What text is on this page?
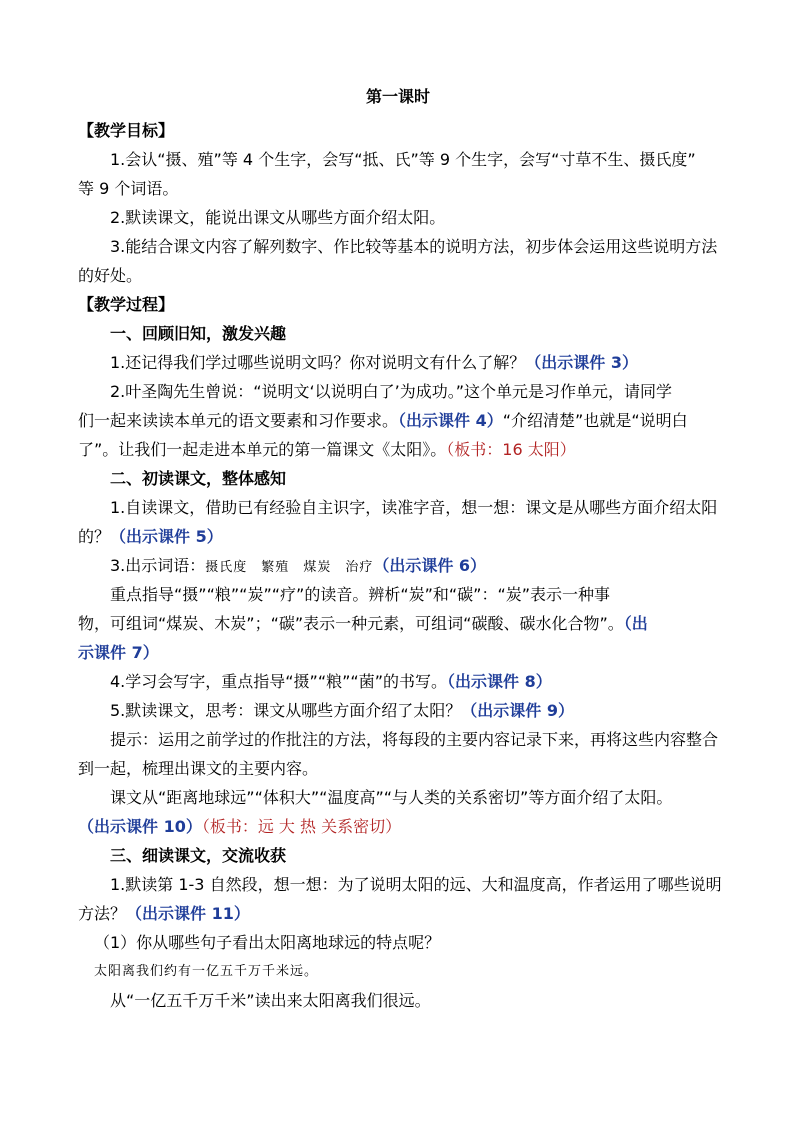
第一课时
【教学目标】
1.会认“摄、殖”等 4 个生字，会写“抵、氏”等 9 个生字，会写“寸草不生、摄氏度”
等 9 个词语。
2.默读课文，能说出课文从哪些方面介绍太阳。
3.能结合课文内容了解列数字、作比较等基本的说明方法，初步体会运用这些说明方法
的好处。
【教学过程】
一、回顾旧知，激发兴趣
1.还记得我们学过哪些说明文吗？你对说明文有什么了解？（出示课件 3）
2.叶圣陶先生曾说：“说明文‘以说明白了’为成功。”这个单元是习作单元，请同学
们一起来读读本单元的语文要素和习作要求。（出示课件 4）“介绍清楚”也就是“说明白
了”。让我们一起走进本单元的第一篇课文《太阳》。（板书：16 太阳）
二、初读课文，整体感知
1.自读课文，借助已有经验自主识字，读准字音，想一想：课文是从哪些方面介绍太阳
的？（出示课件 5）
3.出示词语：摄氏度 繁殖 煤炭 治疗（出示课件 6）
重点指导“摄”“粮”“炭”“疗”的读音。辨析“炭”和“碳”：“炭”表示一种事
物，可组词“煤炭、木炭”；“碳”表示一种元素，可组词“碳酸、碳水化合物”。（出
示课件 7）
4.学习会写字，重点指导“摄”“粮”“菌”的书写。（出示课件 8）
5.默读课文，思考：课文从哪些方面介绍了太阳？（出示课件 9）
提示：运用之前学过的作批注的方法，将每段的主要内容记录下来，再将这些内容整合
到一起，梳理出课文的主要内容。
课文从“距离地球远”“体积大”“温度高”“与人类的关系密切”等方面介绍了太阳。
（出示课件 10）（板书：远 大 热 关系密切）
三、细读课文，交流收获
1.默读第 1-3 自然段，想一想：为了说明太阳的远、大和温度高，作者运用了哪些说明
方法？（出示课件 11）
（1）你从哪些句子看出太阳离地球远的特点呢？
太阳离我们约有一亿五千万千米远。
从“一亿五千万千米”读出来太阳离我们很远。
